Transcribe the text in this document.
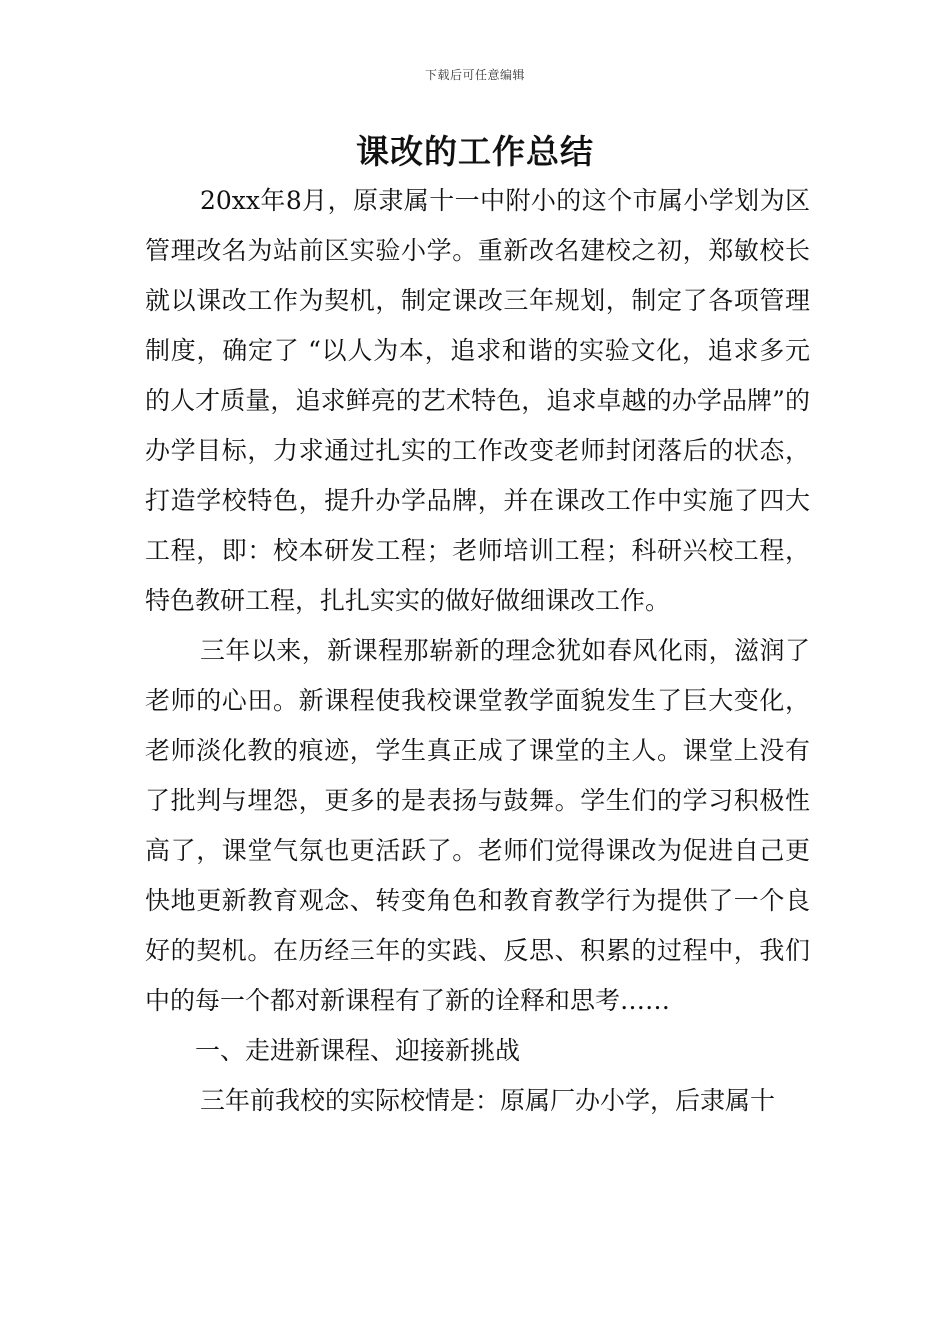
下载后可任意编辑
课改的工作总结

20xx年8月，原隶属十一中附小的这个市属小学划为区管理改名为站前区实验小学。重新改名建校之初，郑敏校长就以课改工作为契机，制定课改三年规划，制定了各项管理制度，确定了 “以人为本，追求和谐的实验文化，追求多元的人才质量，追求鲜亮的艺术特色，追求卓越的办学品牌”的办学目标，力求通过扎实的工作改变老师封闭落后的状态，打造学校特色，提升办学品牌，并在课改工作中实施了四大工程，即：校本研发工程；老师培训工程；科研兴校工程，特色教研工程，扎扎实实的做好做细课改工作。

三年以来，新课程那崭新的理念犹如春风化雨，滋润了老师的心田。新课程使我校课堂教学面貌发生了巨大变化，老师淡化教的痕迹，学生真正成了课堂的主人。课堂上没有了批判与埋怨，更多的是表扬与鼓舞。学生们的学习积极性高了，课堂气氛也更活跃了。老师们觉得课改为促进自己更快地更新教育观念、转变角色和教育教学行为提供了一个良好的契机。在历经三年的实践、反思、积累的过程中，我们中的每一个都对新课程有了新的诠释和思考……

一、走进新课程、迎接新挑战

三年前我校的实际校情是：原属厂办小学，后隶属十
